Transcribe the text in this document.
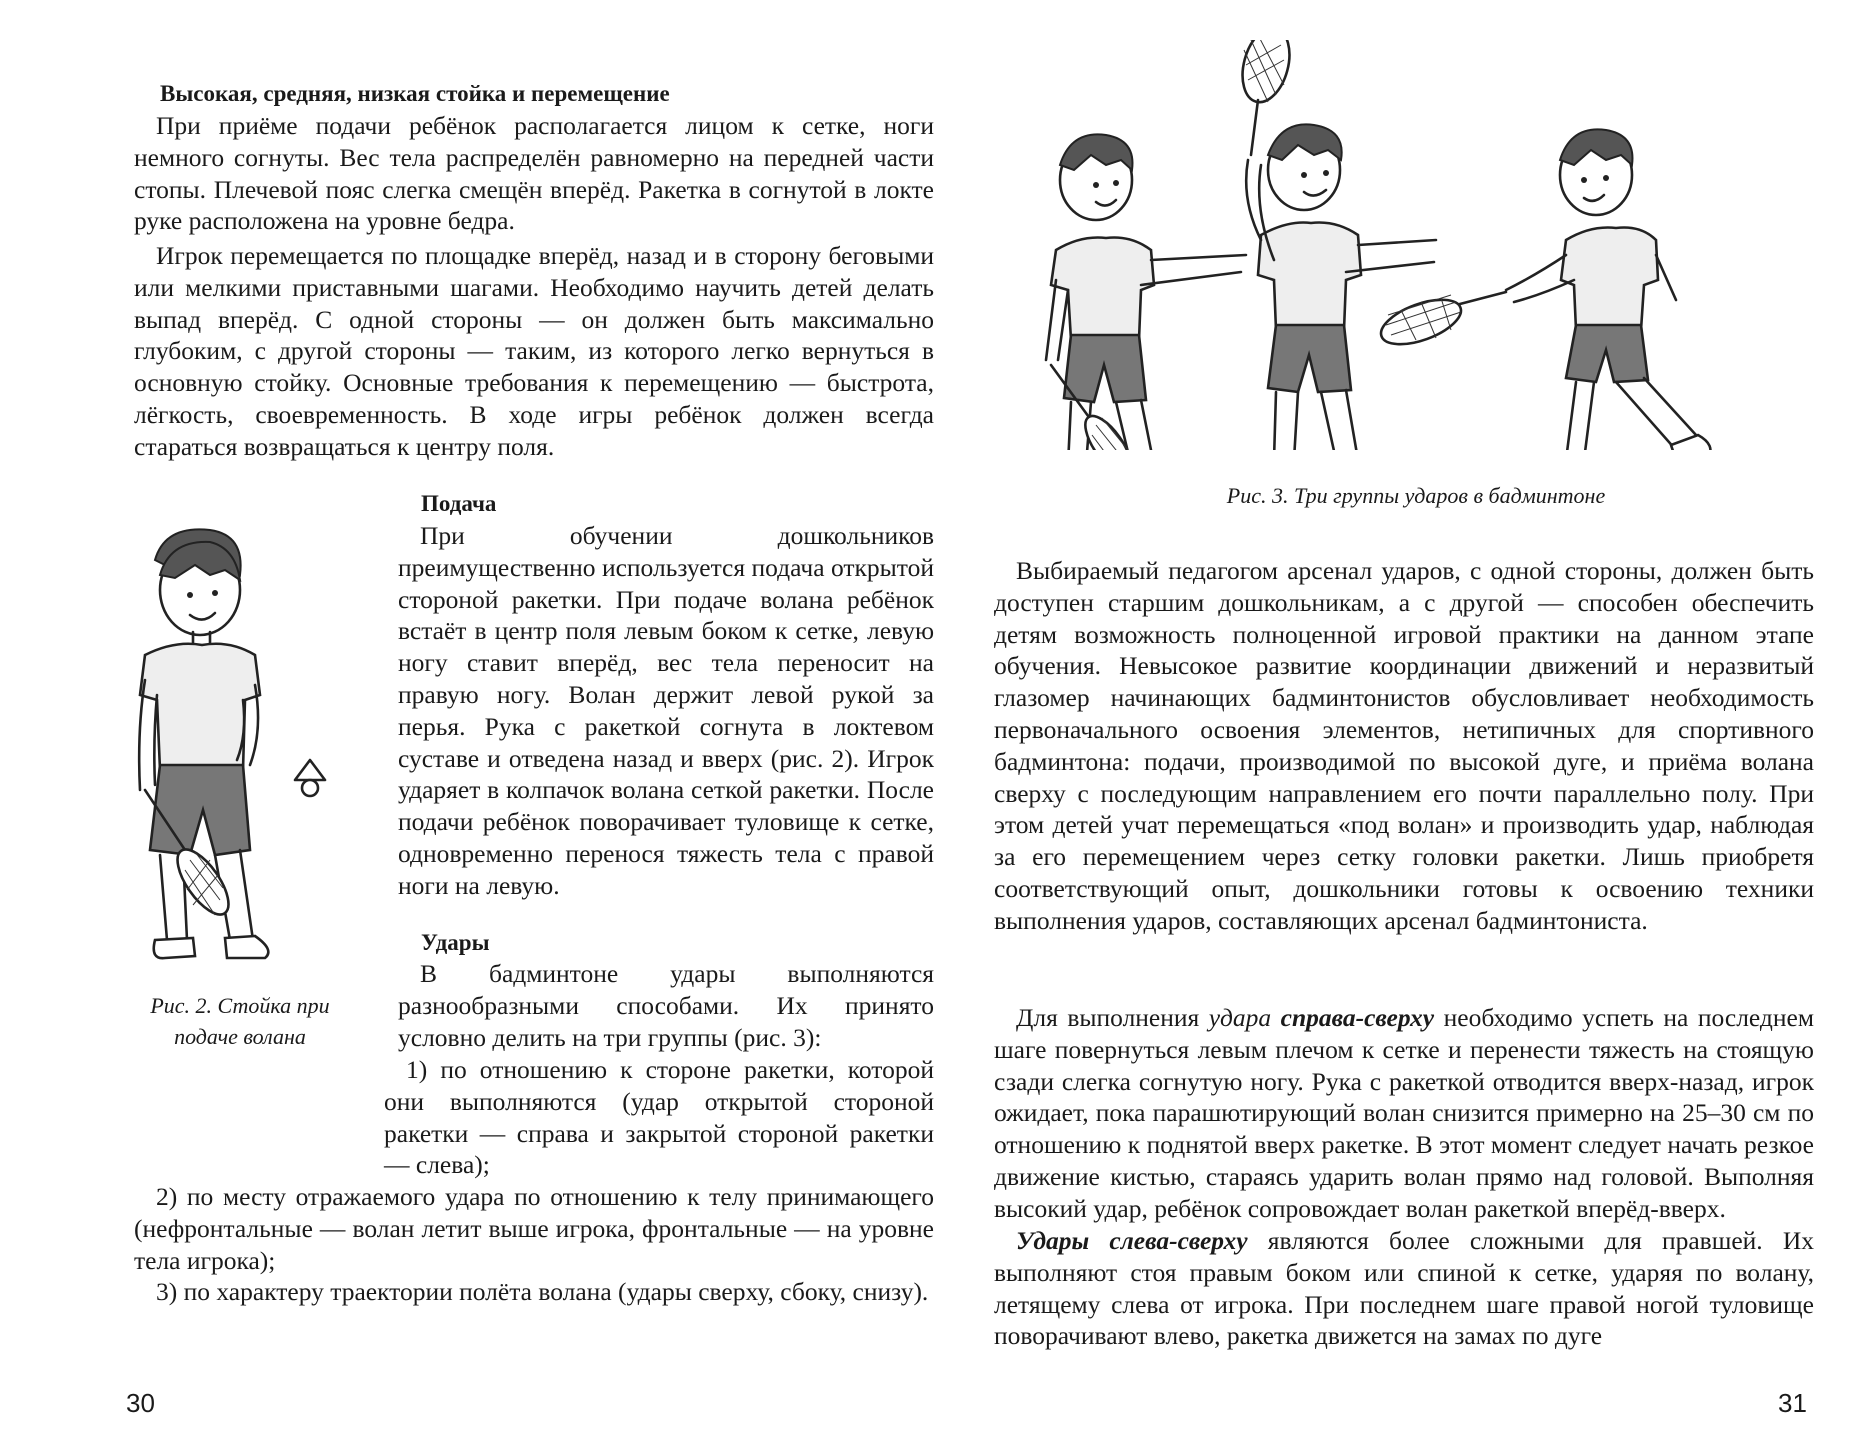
Высокая, средняя, низкая стойка и перемещение

При приёме подачи ребёнок располагается лицом к сетке, ноги немного согнуты. Вес тела распределён равномерно на передней части стопы. Плечевой пояс слегка смещён вперёд. Ракетка в согнутой в локте руке расположена на уровне бедра.

Игрок перемещается по площадке вперёд, назад и в сторону беговыми или мелкими приставными шагами. Необходимо научить детей делать выпад вперёд. С одной стороны — он должен быть максимально глубоким, с другой стороны — таким, из которого легко вернуться в основную стойку. Основные требования к перемещению — быстрота, лёгкость, своевременность. В ходе игры ребёнок должен всегда стараться возвращаться к центру поля.

Рис. 2. Стойка при подаче волана

Подача

При обучении дошкольников преимущественно используется подача открытой стороной ракетки. При подаче волана ребёнок встаёт в центр поля левым боком к сетке, левую ногу ставит вперёд, вес тела переносит на правую ногу. Волан держит левой рукой за перья. Рука с ракеткой согнута в локтевом суставе и отведена назад и вверх (рис. 2). Игрок ударяет в колпачок волана сеткой ракетки. После подачи ребёнок поворачивает туловище к сетке, одновременно перенося тяжесть тела с правой ноги на левую.

Удары

В бадминтоне удары выполняются разнообразными способами. Их принято условно делить на три группы (рис. 3):

1) по отношению к стороне ракетки, которой они выполняются (удар открытой стороной ракетки — справа и закрытой стороной ракетки — слева);

2) по месту отражаемого удара по отношению к телу принимающего (нефронтальные — волан летит выше игрока, фронтальные — на уровне тела игрока);

3) по характеру траектории полёта волана (удары сверху, сбоку, снизу).

30

Рис. 3. Три группы ударов в бадминтоне

Выбираемый педагогом арсенал ударов, с одной стороны, должен быть доступен старшим дошкольникам, а с другой — способен обеспечить детям возможность полноценной игровой практики на данном этапе обучения. Невысокое развитие координации движений и неразвитый глазомер начинающих бадминтонистов обусловливает необходимость первоначального освоения элементов, нетипичных для спортивного бадминтона: подачи, производимой по высокой дуге, и приёма волана сверху с последующим направлением его почти параллельно полу. При этом детей учат перемещаться «под волан» и производить удар, наблюдая за его перемещением через сетку головки ракетки. Лишь приобретя соответствующий опыт, дошкольники готовы к освоению техники выполнения ударов, составляющих арсенал бадминтониста.

Для выполнения удара справа-сверху необходимо успеть на последнем шаге повернуться левым плечом к сетке и перенести тяжесть на стоящую сзади слегка согнутую ногу. Рука с ракеткой отводится вверх-назад, игрок ожидает, пока парашютирующий волан снизится примерно на 25–30 см по отношению к поднятой вверх ракетке. В этот момент следует начать резкое движение кистью, стараясь ударить волан прямо над головой. Выполняя высокий удар, ребёнок сопровождает волан ракеткой вперёд-вверх.

Удары слева-сверху являются более сложными для правшей. Их выполняют стоя правым боком или спиной к сетке, ударяя по волану, летящему слева от игрока. При последнем шаге правой ногой туловище поворачивают влево, ракетка движется на замах по дуге

31
